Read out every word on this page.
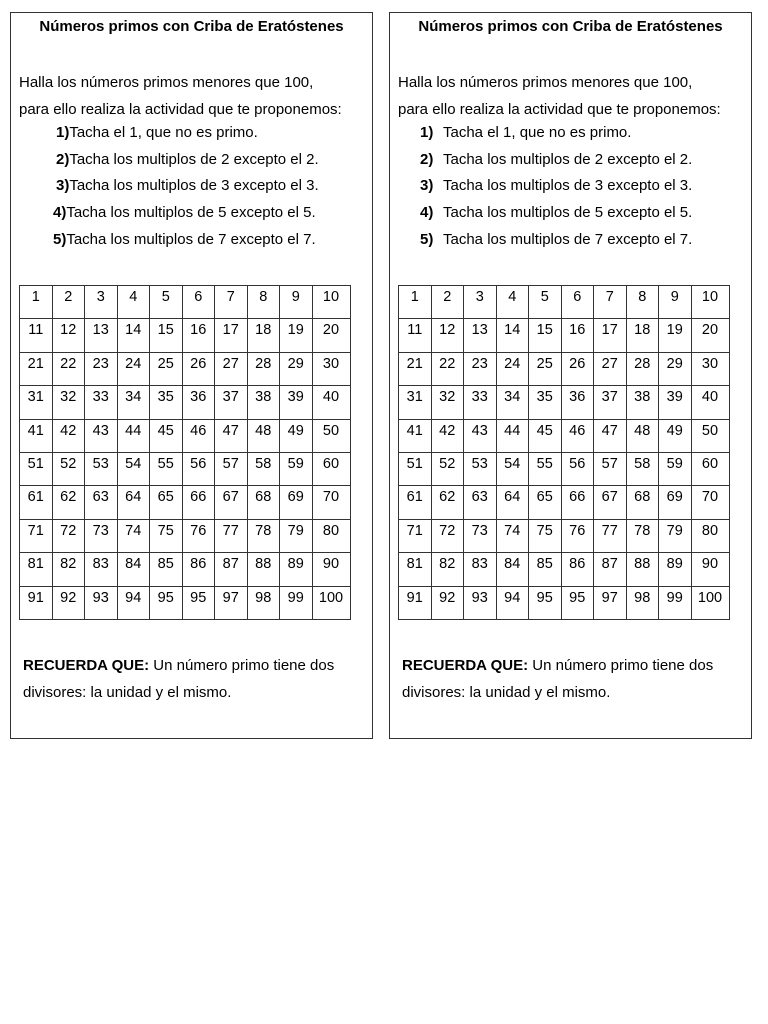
Números primos con Criba de Eratóstenes
Halla los números primos menores que 100,
para ello realiza la actividad que te proponemos:
1)Tacha el 1, que no es primo.
2)Tacha los multiplos de 2 excepto el 2.
3)Tacha los multiplos de 3 excepto el 3.
4)Tacha los multiplos de 5 excepto el 5.
5)Tacha los multiplos de 7 excepto el 7.
1	2	3	4	5	6	7	8	9	10
11	12	13	14	15	16	17	18	19	20
21	22	23	24	25	26	27	28	29	30
31	32	33	34	35	36	37	38	39	40
41	42	43	44	45	46	47	48	49	50
51	52	53	54	55	56	57	58	59	60
61	62	63	64	65	66	67	68	69	70
71	72	73	74	75	76	77	78	79	80
81	82	83	84	85	86	87	88	89	90
91	92	93	94	95	95	97	98	99	100
RECUERDA QUE: Un número primo tiene dos
divisores: la unidad y el mismo.
Números primos con Criba de Eratóstenes
Halla los números primos menores que 100,
para ello realiza la actividad que te proponemos:
1) Tacha el 1, que no es primo.
2) Tacha los multiplos de 2 excepto el 2.
3) Tacha los multiplos de 3 excepto el 3.
4) Tacha los multiplos de 5 excepto el 5.
5) Tacha los multiplos de 7 excepto el 7.
1	2	3	4	5	6	7	8	9	10
11	12	13	14	15	16	17	18	19	20
21	22	23	24	25	26	27	28	29	30
31	32	33	34	35	36	37	38	39	40
41	42	43	44	45	46	47	48	49	50
51	52	53	54	55	56	57	58	59	60
61	62	63	64	65	66	67	68	69	70
71	72	73	74	75	76	77	78	79	80
81	82	83	84	85	86	87	88	89	90
91	92	93	94	95	95	97	98	99	100
RECUERDA QUE: Un número primo tiene dos
divisores: la unidad y el mismo.
